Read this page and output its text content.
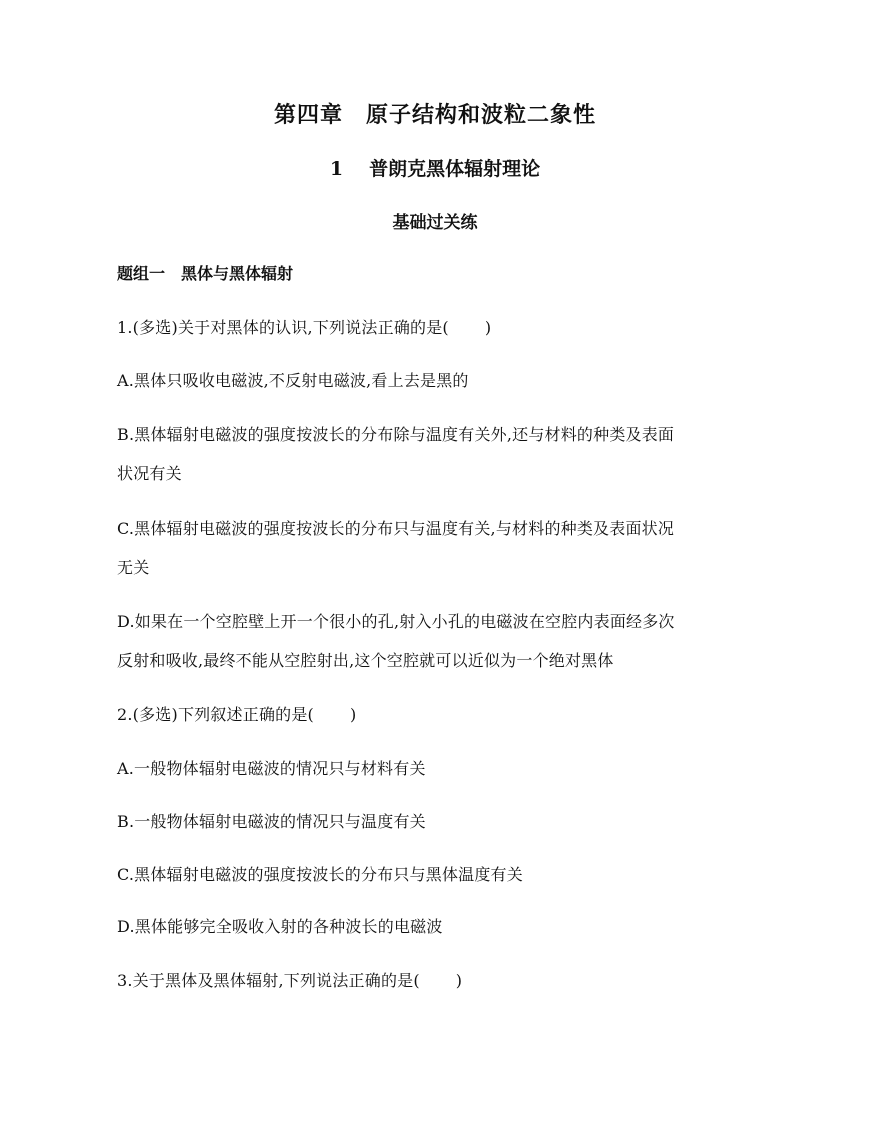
第四章　原子结构和波粒二象性
1 普朗克黑体辐射理论
基础过关练
题组一 黑体与黑体辐射
1.(多选)关于对黑体的认识,下列说法正确的是( )
A.黑体只吸收电磁波,不反射电磁波,看上去是黑的
B.黑体辐射电磁波的强度按波长的分布除与温度有关外,还与材料的种类及表面
状况有关
C.黑体辐射电磁波的强度按波长的分布只与温度有关,与材料的种类及表面状况
无关
D.如果在一个空腔壁上开一个很小的孔,射入小孔的电磁波在空腔内表面经多次
反射和吸收,最终不能从空腔射出,这个空腔就可以近似为一个绝对黑体
2.(多选)下列叙述正确的是( )
A.一般物体辐射电磁波的情况只与材料有关
B.一般物体辐射电磁波的情况只与温度有关
C.黑体辐射电磁波的强度按波长的分布只与黑体温度有关
D.黑体能够完全吸收入射的各种波长的电磁波
3.关于黑体及黑体辐射,下列说法正确的是( )
